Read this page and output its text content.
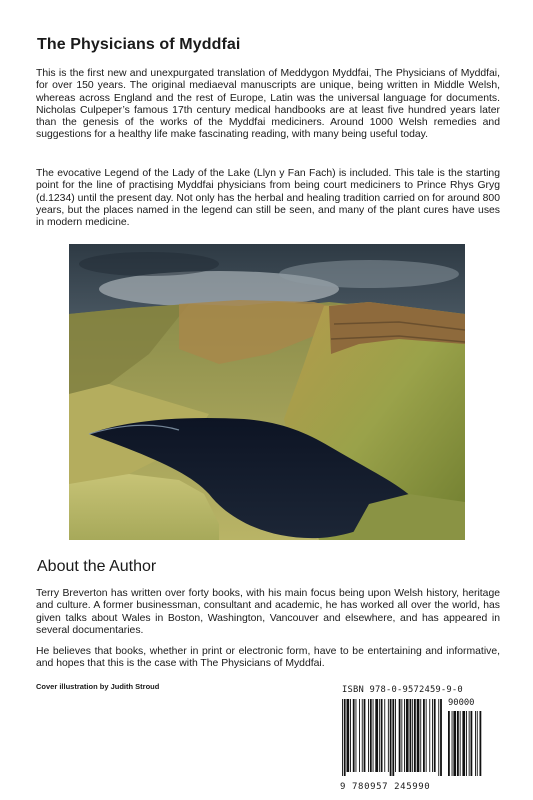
The Physicians of Myddfai

This is the first new and unexpurgated translation of Meddygon Myddfai, The Physicians of Myddfai, for over 150 years. The original mediaeval manuscripts are unique, being written in Middle Welsh, whereas across England and the rest of Europe, Latin was the universal language for documents. Nicholas Culpeper’s famous 17th century medical handbooks are at least five hundred years later than the genesis of the works of the Myddfai mediciners. Around 1000 Welsh remedies and suggestions for a healthy life make fascinating reading, with many being useful today.

The evocative Legend of the Lady of the Lake (Llyn y Fan Fach) is included. This tale is the starting point for the line of practising Myddfai physicians from being court mediciners to Prince Rhys Gryg (d.1234) until the present day. Not only has the herbal and healing tradition carried on for around 800 years, but the places named in the legend can still be seen, and many of the plant cures have uses in modern medicine.

About the Author

Terry Breverton has written over forty books, with his main focus being upon Welsh history, heritage and culture. A former businessman, consultant and academic, he has worked all over the world, has given talks about Wales in Boston, Washington, Vancouver and elsewhere, and has appeared in several documentaries.

He believes that books, whether in print or electronic form, have to be entertaining and informative, and hopes that this is the case with The Physicians of Myddfai.

Cover illustration by Judith Stroud	ISBN 978-0-9572459-9-0
90000
9 780957 245990
